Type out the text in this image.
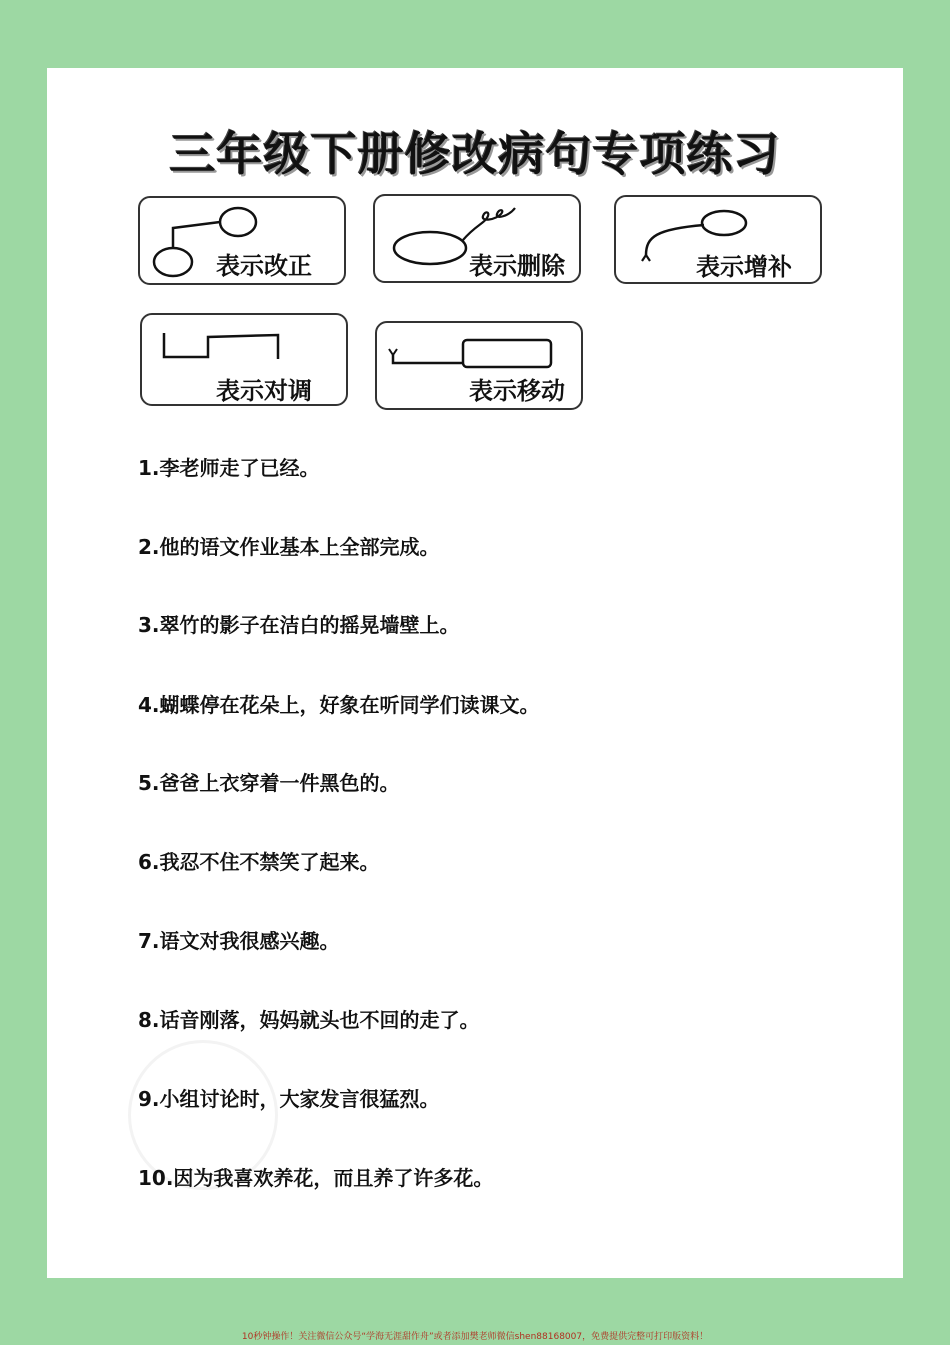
三年级下册修改病句专项练习
表示改正	表示删除	表示增补
表示对调	表示移动
1.李老师走了已经。
2.他的语文作业基本上全部完成。
3.翠竹的影子在洁白的摇晃墙壁上。
4.蝴蝶停在花朵上，好象在听同学们读课文。
5.爸爸上衣穿着一件黑色的。
6.我忍不住不禁笑了起来。
7.语文对我很感兴趣。
8.话音刚落，妈妈就头也不回的走了。
9.小组讨论时，大家发言很猛烈。
10.因为我喜欢养花，而且养了许多花。
10秒钟操作！关注微信公众号“学海无涯甜作舟”或者添加樊老师微信shen88168007，免费提供完整可打印版资料！
